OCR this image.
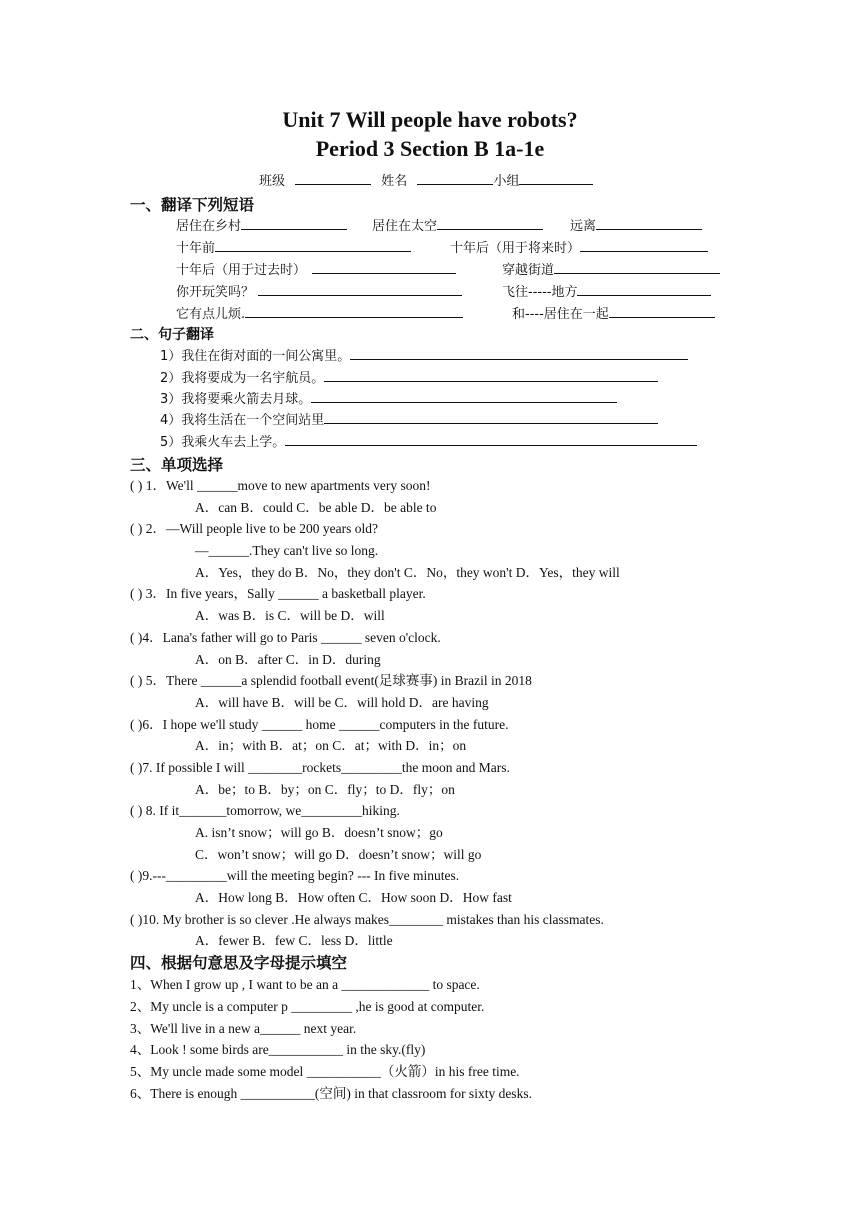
Unit 7 Will people have robots?
Period 3 Section B 1a-1e
班级	姓名	小组
一、翻译下列短语
居住在乡村	居住在太空	远离
十年前	十年后（用于将来时）
十年后（用于过去时）	穿越街道
你开玩笑吗？	飞往-----地方
它有点儿烦.	和----居住在一起
二、句子翻译
1）我住在街对面的一间公寓里。
2）我将要成为一名宇航员。
3）我将要乘火箭去月球。
4）我将生活在一个空间站里
5）我乘火车去上学。
三、单项选择
( ) 1．We'll ______move to new apartments very soon!
A．can B．could C．be able D．be able to
( ) 2．—Will people live to be 200 years old?
—______.They can't live so long.
A．Yes，they do B．No，they don't C．No，they won't D．Yes，they will
( ) 3．In five years，Sally ______ a basketball player.
A．was B．is C．will be D．will
( )4．Lana's father will go to Paris ______ seven o'clock.
A．on B．after C．in D．during
( ) 5．There ______a splendid football event(足球赛事) in Brazil in 2018
A．will have B．will be C．will hold D．are having
( )6．I hope we'll study ______ home ______computers in the future.
A．in；with B．at；on C．at；with D．in；on
( )7. If possible I will ________rockets_________the moon and Mars.
A．be；to B．by；on C．fly；to D．fly；on
( ) 8. If it_______tomorrow, we_________hiking.
A. isn’t snow；will go B．doesn’t snow；go
C．won’t snow；will go D．doesn’t snow；will go
( )9.---_________will the meeting begin? --- In five minutes.
A．How long B．How often C．How soon D．How fast
( )10. My brother is so clever .He always makes________ mistakes than his classmates.
A．fewer B．few C．less D．little
四、根据句意思及字母提示填空
1、When I grow up , I want to be an a _____________ to space.
2、My uncle is a computer p _________ ,he is good at computer.
3、We'll live in a new a______ next year.
4、Look ! some birds are___________ in the sky.(fly)
5、My uncle made some model ___________（火箭）in his free time.
6、There is enough ___________(空间) in that classroom for sixty desks.
